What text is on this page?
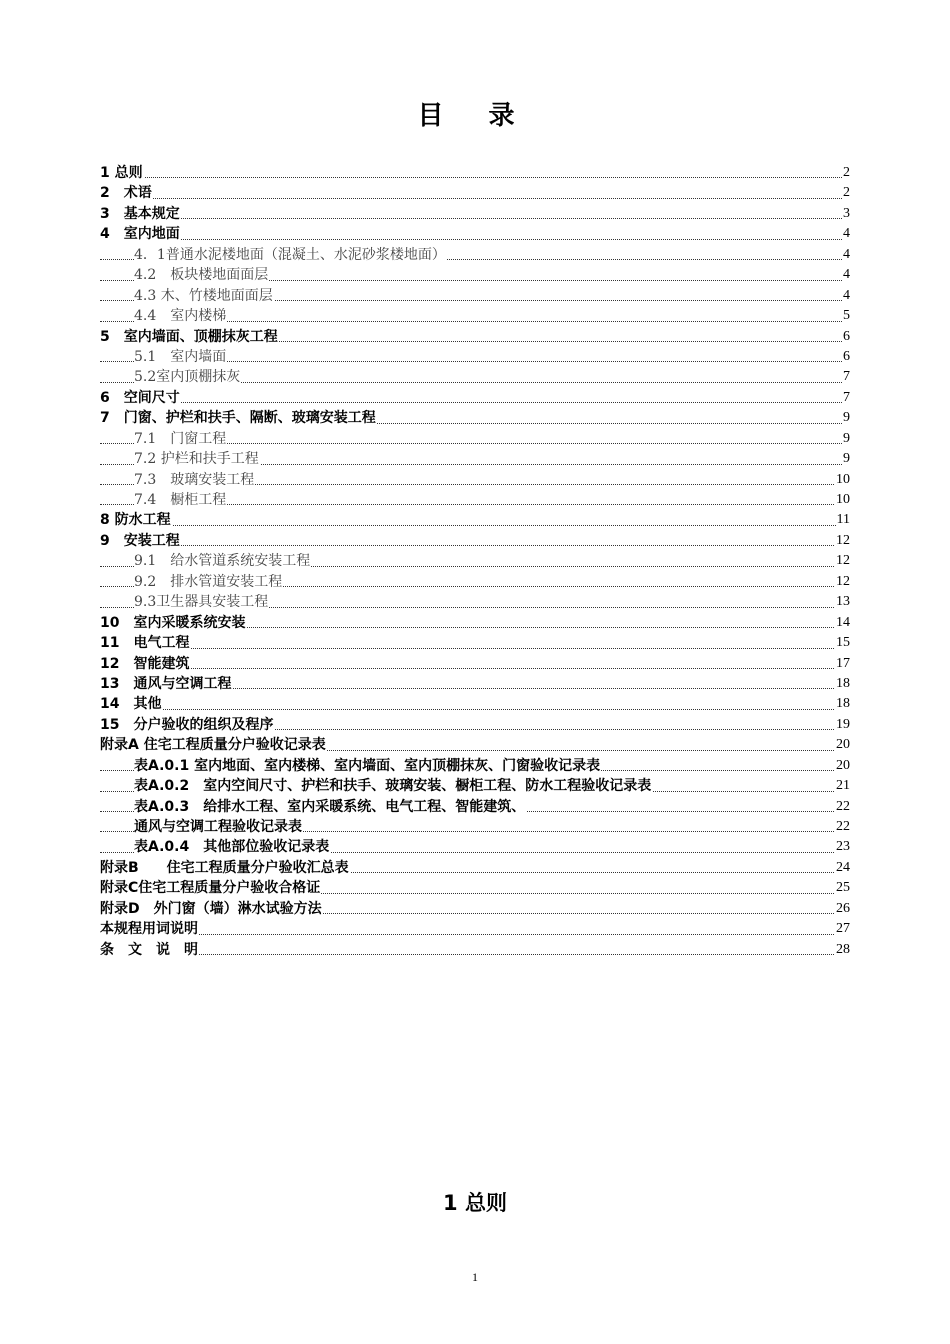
目 录
1 总则	2
2　术语	2
3　基本规定	3
4　室内地面	4
4．1普通水泥楼地面（混凝土、水泥砂浆楼地面）	4
4.2　板块楼地面面层	4
4.3 木、竹楼地面面层	4
4.4　室内楼梯	5
5　室内墙面、顶棚抹灰工程	6
5.1　室内墙面	6
5.2室内顶棚抹灰	7
6　空间尺寸	7
7　门窗、护栏和扶手、隔断、玻璃安装工程	9
7.1　门窗工程	9
7.2 护栏和扶手工程	9
7.3　玻璃安装工程	10
7.4　橱柜工程	10
8 防水工程	11
9　安装工程	12
9.1　给水管道系统安装工程	12
9.2　排水管道安装工程	12
9.3卫生器具安装工程	13
10　室内采暖系统安装	14
11　电气工程	15
12　智能建筑	17
13　通风与空调工程	18
14　其他	18
15　分户验收的组织及程序	19
附录A 住宅工程质量分户验收记录表	20
表A.0.1 室内地面、室内楼梯、室内墙面、室内顶棚抹灰、门窗验收记录表	20
表A.0.2　室内空间尺寸、护栏和扶手、玻璃安装、橱柜工程、防水工程验收记录表	21
表A.0.3　给排水工程、室内采暖系统、电气工程、智能建筑、	22
通风与空调工程验收记录表	22
表A.0.4　其他部位验收记录表	23
附录B　　住宅工程质量分户验收汇总表	24
附录C住宅工程质量分户验收合格证	25
附录D　外门窗（墙）淋水试验方法	26
本规程用词说明	27
条　文　说　明	28
1 总则
1
